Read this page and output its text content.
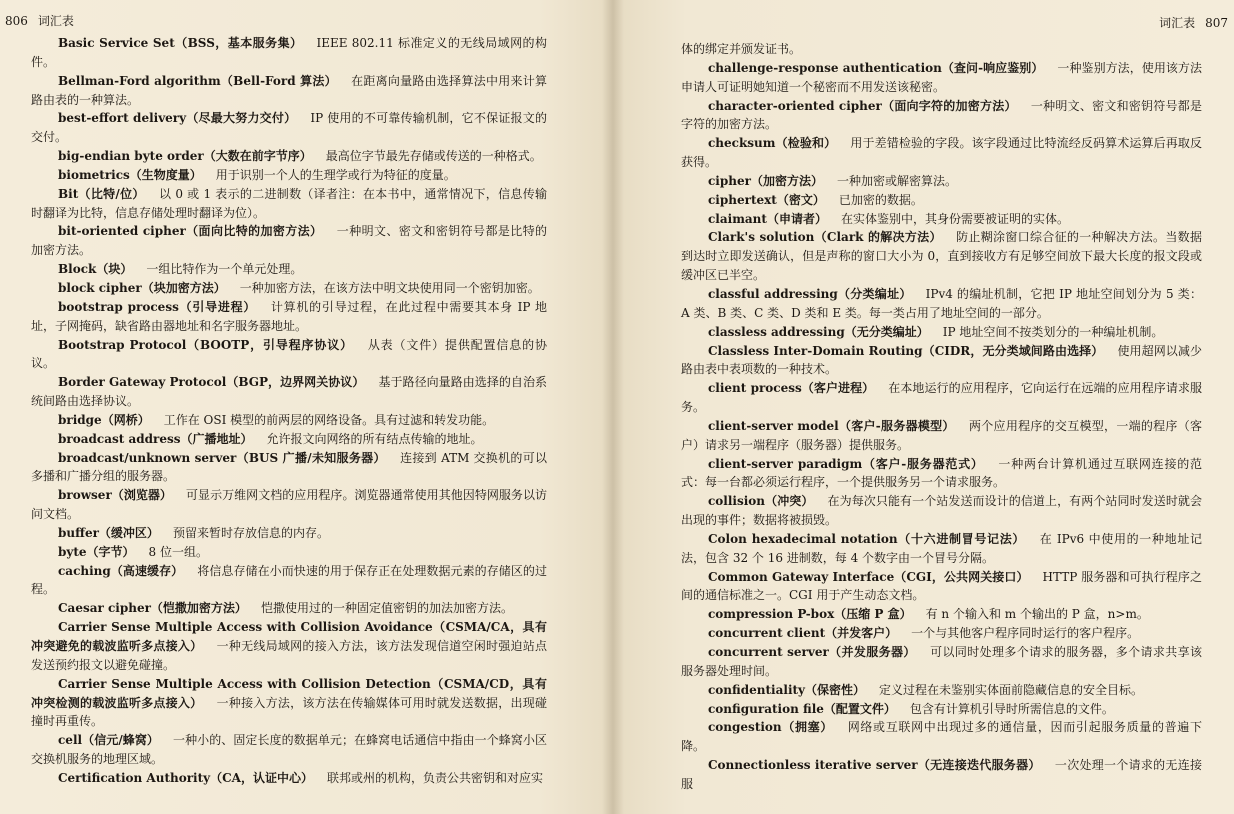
806 词汇表

Basic Service Set（BSS，基本服务集） IEEE 802.11 标准定义的无线局域网的构件。

Bellman-Ford algorithm（Bell-Ford 算法） 在距离向量路由选择算法中用来计算路由表的一种算法。

best-effort delivery（尽最大努力交付） IP 使用的不可靠传输机制，它不保证报文的交付。

big-endian byte order（大数在前字节序） 最高位字节最先存储或传送的一种格式。

biometrics（生物度量） 用于识别一个人的生理学或行为特征的度量。

Bit（比特/位） 以 0 或 1 表示的二进制数（译者注：在本书中，通常情况下，信息传输时翻译为比特，信息存储处理时翻译为位）。

bit-oriented cipher（面向比特的加密方法） 一种明文、密文和密钥符号都是比特的加密方法。

Block（块） 一组比特作为一个单元处理。

block cipher（块加密方法） 一种加密方法，在该方法中明文块使用同一个密钥加密。

bootstrap process（引导进程） 计算机的引导过程，在此过程中需要其本身 IP 地址，子网掩码，缺省路由器地址和名字服务器地址。

Bootstrap Protocol（BOOTP，引导程序协议） 从表（文件）提供配置信息的协议。

Border Gateway Protocol（BGP，边界网关协议） 基于路径向量路由选择的自治系统间路由选择协议。

bridge（网桥） 工作在 OSI 模型的前两层的网络设备。具有过滤和转发功能。

broadcast address（广播地址） 允许报文向网络的所有结点传输的地址。

broadcast/unknown server（BUS 广播/未知服务器） 连接到 ATM 交换机的可以多播和广播分组的服务器。

browser（浏览器） 可显示万维网文档的应用程序。浏览器通常使用其他因特网服务以访问文档。

buffer（缓冲区） 预留来暂时存放信息的内存。

byte（字节） 8 位一组。

caching（高速缓存） 将信息存储在小而快速的用于保存正在处理数据元素的存储区的过程。

Caesar cipher（恺撒加密方法） 恺撒使用过的一种固定值密钥的加法加密方法。

Carrier Sense Multiple Access with Collision Avoidance（CSMA/CA，具有冲突避免的载波监听多点接入） 一种无线局域网的接入方法，该方法发现信道空闲时强迫站点发送预约报文以避免碰撞。

Carrier Sense Multiple Access with Collision Detection（CSMA/CD，具有冲突检测的载波监听多点接入） 一种接入方法，该方法在传输媒体可用时就发送数据，出现碰撞时再重传。

cell（信元/蜂窝） 一种小的、固定长度的数据单元；在蜂窝电话通信中指由一个蜂窝小区交换机服务的地理区域。

Certification Authority（CA，认证中心） 联邦或州的机构，负责公共密钥和对应实

词汇表 807

体的绑定并颁发证书。

challenge-response authentication（查问-响应鉴别） 一种鉴别方法，使用该方法申请人可证明她知道一个秘密而不用发送该秘密。

character-oriented cipher（面向字符的加密方法） 一种明文、密文和密钥符号都是字符的加密方法。

checksum（检验和） 用于差错检验的字段。该字段通过比特流经反码算术运算后再取反获得。

cipher（加密方法） 一种加密或解密算法。

ciphertext（密文） 已加密的数据。

claimant（申请者） 在实体鉴别中，其身份需要被证明的实体。

Clark's solution（Clark 的解决方法） 防止糊涂窗口综合征的一种解决方法。当数据到达时立即发送确认，但是声称的窗口大小为 0，直到接收方有足够空间放下最大长度的报文段或缓冲区已半空。

classful addressing（分类编址） IPv4 的编址机制，它把 IP 地址空间划分为 5 类：A 类、B 类、C 类、D 类和 E 类。每一类占用了地址空间的一部分。

classless addressing（无分类编址） IP 地址空间不按类划分的一种编址机制。

Classless Inter-Domain Routing（CIDR，无分类域间路由选择） 使用超网以减少路由表中表项数的一种技术。

client process（客户进程） 在本地运行的应用程序，它向运行在远端的应用程序请求服务。

client-server model（客户-服务器模型） 两个应用程序的交互模型，一端的程序（客户）请求另一端程序（服务器）提供服务。

client-server paradigm（客户-服务器范式） 一种两台计算机通过互联网连接的范式：每一台都必须运行程序，一个提供服务另一个请求服务。

collision（冲突） 在为每次只能有一个站发送而设计的信道上，有两个站同时发送时就会出现的事件；数据将被损毁。

Colon hexadecimal notation（十六进制冒号记法） 在 IPv6 中使用的一种地址记法，包含 32 个 16 进制数，每 4 个数字由一个冒号分隔。

Common Gateway Interface（CGI，公共网关接口） HTTP 服务器和可执行程序之间的通信标准之一。CGI 用于产生动态文档。

compression P-box（压缩 P 盒） 有 n 个输入和 m 个输出的 P 盒，n>m。

concurrent client（并发客户） 一个与其他客户程序同时运行的客户程序。

concurrent server（并发服务器） 可以同时处理多个请求的服务器，多个请求共享该服务器处理时间。

confidentiality（保密性） 定义过程在未鉴别实体面前隐藏信息的安全目标。

configuration file（配置文件） 包含有计算机引导时所需信息的文件。

congestion（拥塞） 网络或互联网中出现过多的通信量，因而引起服务质量的普遍下降。

Connectionless iterative server（无连接迭代服务器） 一次处理一个请求的无连接服
